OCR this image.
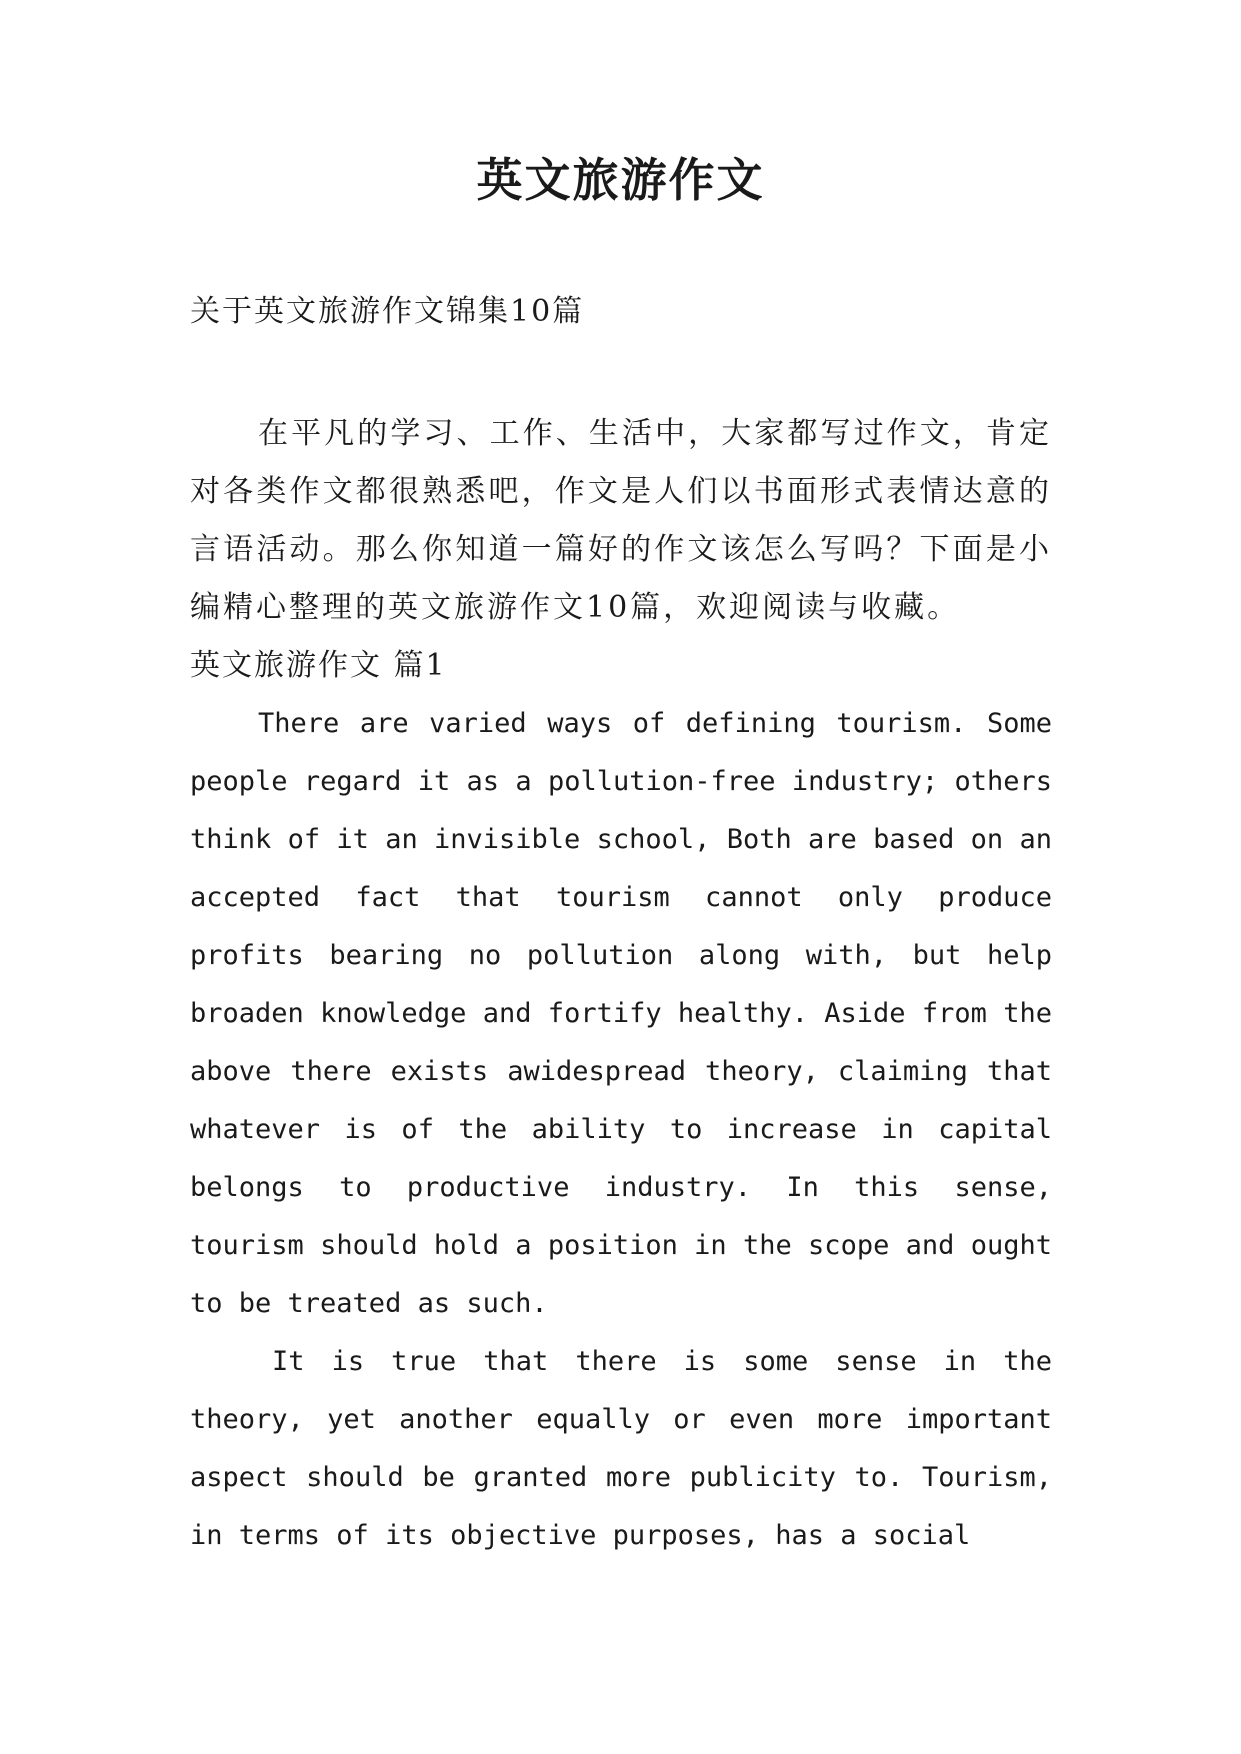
英文旅游作文
关于英文旅游作文锦集10篇

在平凡的学习、工作、生活中，大家都写过作文，肯定对各类作文都很熟悉吧，作文是人们以书面形式表情达意的言语活动。那么你知道一篇好的作文该怎么写吗？下面是小编精心整理的英文旅游作文10篇，欢迎阅读与收藏。

英文旅游作文 篇1

There are varied ways of defining tourism. Some people regard it as a pollution-free industry; others think of it an invisible school, Both are based on an accepted fact that tourism cannot only produce profits bearing no pollution along with, but help broaden knowledge and fortify healthy. Aside from the above there exists awidespread theory, claiming that whatever is of the ability to increase in capital belongs to productive industry. In this sense, tourism should hold a position in the scope and ought to be treated as such.

It is true that there is some sense in the theory, yet another equally or even more important aspect should be granted more publicity to. Tourism, in terms of its objective purposes, has a social
